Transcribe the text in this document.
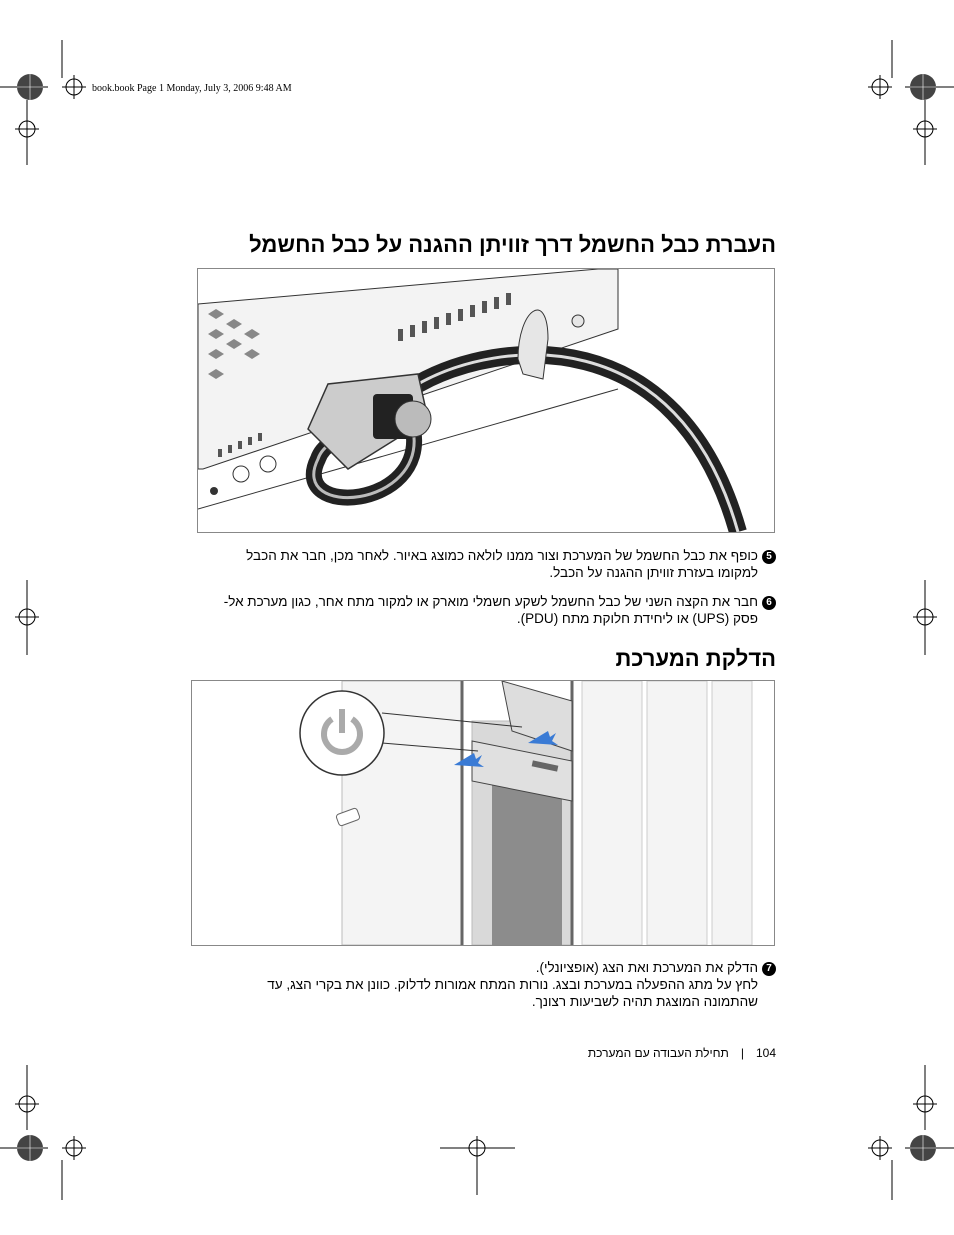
book.book Page 1 Monday, July 3, 2006 9:48 AM
העברת כבל החשמל דרך זוויתן ההגנה על כבל החשמל
5כופף את כבל החשמל של המערכת וצור ממנו לולאה כמוצג באיור. לאחר מכן, חבר את הכבל
למקומו בעזרת זוויתן ההגנה על הכבל.
6חבר את הקצה השני של כבל החשמל לשקע חשמלי מוארק או למקור מתח אחר, כגון מערכת אל-
פסק (UPS) או ליחידת חלוקת מתח (PDU).
הדלקת המערכת
7הדלק את המערכת ואת הצג (אופציונלי).
לחץ על מתג ההפעלה במערכת ובצג. נורות המתח אמורות לדלוק. כוונן את בקרי הצג, עד
שהתמונה המוצגת תהיה לשביעות רצונך.
104|תחילת העבודה עם המערכת
